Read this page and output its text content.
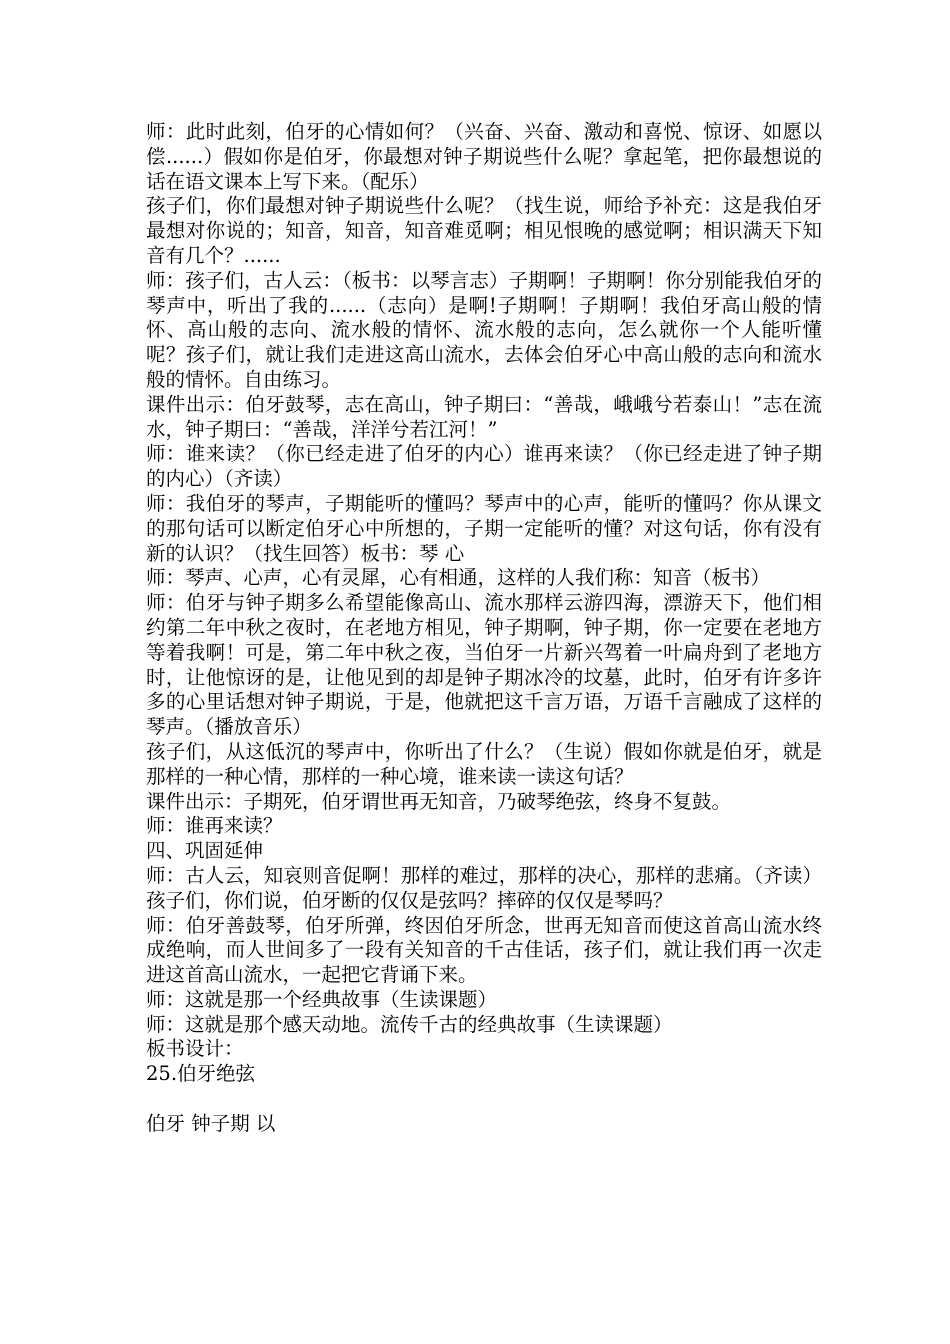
师：此时此刻，伯牙的心情如何？（兴奋、兴奋、激动和喜悦、惊讶、如愿以偿......）假如你是伯牙，你最想对钟子期说些什么呢？拿起笔，把你最想说的话在语文课本上写下来。（配乐）

孩子们，你们最想对钟子期说些什么呢？（找生说，师给予补充：这是我伯牙最想对你说的；知音，知音，知音难觅啊；相见恨晚的感觉啊；相识满天下知音有几个？......

师：孩子们，古人云：（板书：以琴言志）子期啊！子期啊！你分别能我伯牙的琴声中，听出了我的......（志向）是啊!子期啊！子期啊！我伯牙高山般的情怀、高山般的志向、流水般的情怀、流水般的志向，怎么就你一个人能听懂呢？孩子们，就让我们走进这高山流水，去体会伯牙心中高山般的志向和流水般的情怀。自由练习。

课件出示：伯牙鼓琴，志在高山，钟子期曰：“善哉，峨峨兮若泰山！”志在流水，钟子期曰：“善哉，洋洋兮若江河！”

师：谁来读？（你已经走进了伯牙的内心）谁再来读？（你已经走进了钟子期的内心）（齐读）

师：我伯牙的琴声，子期能听的懂吗？琴声中的心声，能听的懂吗？你从课文的那句话可以断定伯牙心中所想的，子期一定能听的懂？对这句话，你有没有新的认识？（找生回答）板书：琴 心

师：琴声、心声，心有灵犀，心有相通，这样的人我们称：知音（板书）

师：伯牙与钟子期多么希望能像高山、流水那样云游四海，漂游天下，他们相约第二年中秋之夜时，在老地方相见，钟子期啊，钟子期，你一定要在老地方等着我啊！可是，第二年中秋之夜，当伯牙一片新兴驾着一叶扁舟到了老地方时，让他惊讶的是，让他见到的却是钟子期冰冷的坟墓，此时，伯牙有许多许多的心里话想对钟子期说，于是，他就把这千言万语，万语千言融成了这样的琴声。（播放音乐）

孩子们，从这低沉的琴声中，你听出了什么？（生说）假如你就是伯牙，就是那样的一种心情，那样的一种心境，谁来读一读这句话？

课件出示：子期死，伯牙谓世再无知音，乃破琴绝弦，终身不复鼓。

师：谁再来读？

四、巩固延伸

师：古人云，知哀则音促啊！那样的难过，那样的决心，那样的悲痛。（齐读）孩子们，你们说，伯牙断的仅仅是弦吗？摔碎的仅仅是琴吗？

师：伯牙善鼓琴，伯牙所弹，终因伯牙所念，世再无知音而使这首高山流水终成绝响，而人世间多了一段有关知音的千古佳话，孩子们，就让我们再一次走进这首高山流水，一起把它背诵下来。

师：这就是那一个经典故事（生读课题）

师：这就是那个感天动地。流传千古的经典故事（生读课题）

板书设计：

25.伯牙绝弦

伯牙 钟子期 以
